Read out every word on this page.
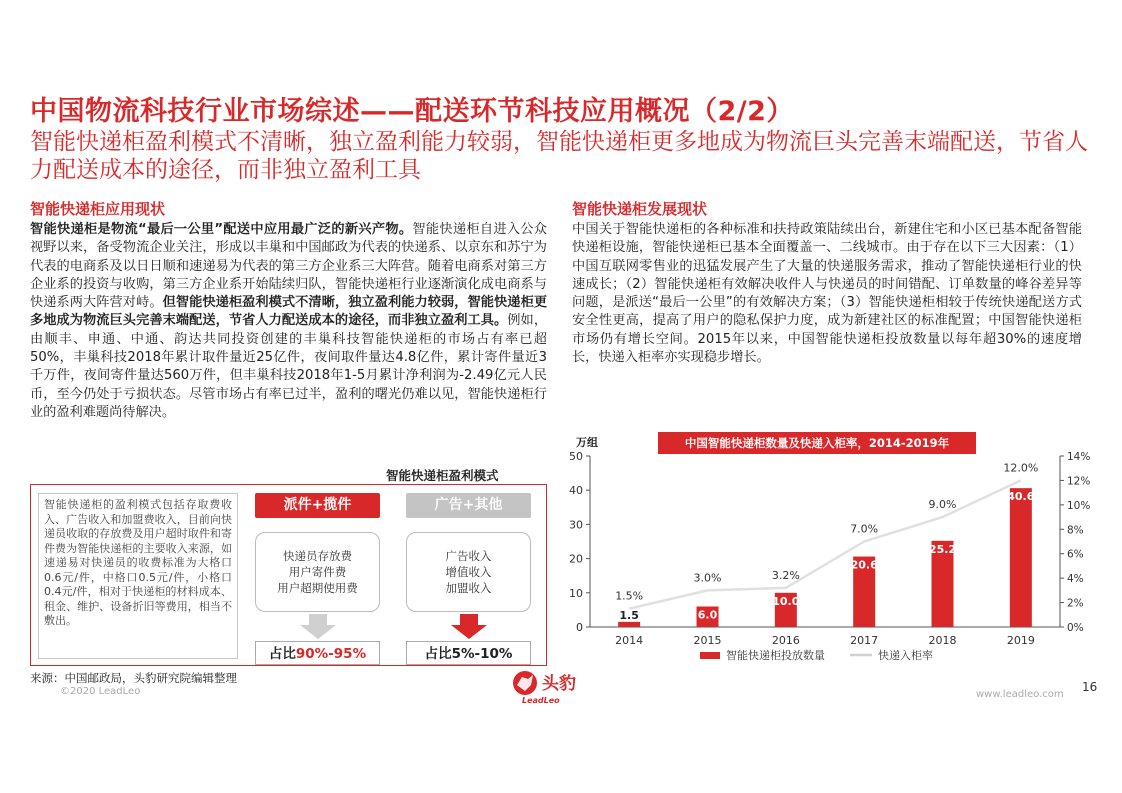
中国物流科技行业市场综述——配送环节科技应用概况（2/2）
智能快递柜盈利模式不清晰，独立盈利能力较弱，智能快递柜更多地成为物流巨头完善末端配送，节省人力配送成本的途径，而非独立盈利工具
智能快递柜应用现状
智能快递柜是物流“最后一公里”配送中应用最广泛的新兴产物。智能快递柜自进入公众视野以来，备受物流企业关注，形成以丰巢和中国邮政为代表的快递系、以京东和苏宁为代表的电商系及以日日顺和速递易为代表的第三方企业系三大阵营。随着电商系对第三方企业系的投资与收购，第三方企业系开始陆续归队，智能快递柜行业逐渐演化成电商系与快递系两大阵营对峙。但智能快递柜盈利模式不清晰，独立盈利能力较弱，智能快递柜更多地成为物流巨头完善末端配送，节省人力配送成本的途径，而非独立盈利工具。例如，由顺丰、申通、中通、韵达共同投资创建的丰巢科技智能快递柜的市场占有率已超50%，丰巢科技2018年累计取件量近25亿件，夜间取件量达4.8亿件，累计寄件量近3千万件，夜间寄件量达560万件，但丰巢科技2018年1-5月累计净利润为-2.49亿元人民币，至今仍处于亏损状态。尽管市场占有率已过半，盈利的曙光仍难以见，智能快递柜行业的盈利难题尚待解决。
智能快递柜盈利模式
智能快递柜的盈利模式包括存取费收入、广告收入和加盟费收入，目前向快递员收取的存放费及用户超时取件和寄件费为智能快递柜的主要收入来源，如速递易对快递员的收费标准为大格口0.6元/件，中格口0.5元/件，小格口0.4元/件，相对于快递柜的材料成本、租金、维护、设备折旧等费用，相当不敷出。
派件+揽件
快递员存放费
用户寄件费
用户超期使用费
占比90%-95%
广告+其他
广告收入
增值收入
加盟收入
占比5%-10%
智能快递柜发展现状
中国关于智能快递柜的各种标准和扶持政策陆续出台，新建住宅和小区已基本配备智能快递柜设施，智能快递柜已基本全面覆盖一、二线城市。由于存在以下三大因素：（1）中国互联网零售业的迅猛发展产生了大量的快递服务需求，推动了智能快递柜行业的快速成长；（2）智能快递柜有效解决收件人与快递员的时间错配、订单数量的峰谷差异等问题，是派送“最后一公里”的有效解决方案；（3）智能快递柜相较于传统快递配送方式安全性更高，提高了用户的隐私保护力度，成为新建社区的标准配置；中国智能快递柜市场仍有增长空间。2015年以来，中国智能快递柜投放数量以每年超30%的速度增长，快递入柜率亦实现稳步增长。
中国智能快递柜数量及快递入柜率，2014-2019年
万组
0
10
20
30
40
50
0%
2%
4%
6%
8%
10%
12%
14%
2014	2015	2016	2017	2018	2019
1.5	6.0
10.0
20.6
25.2
40.6
1.5%
3.0%	3.2%
7.0%
9.0%
12.0%
智能快递柜投放数量	快递入柜率
来源：中国邮政局，头豹研究院编辑整理
©2020 LeadLeo	头豹
LeadLeo
www.leadleo.com
16
